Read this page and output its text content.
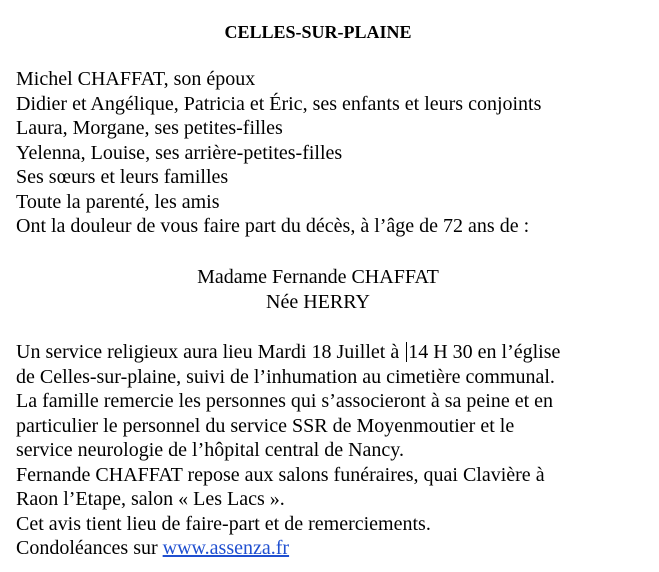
CELLES-SUR-PLAINE
Michel CHAFFAT, son époux
Didier et Angélique, Patricia et Éric, ses enfants et leurs conjoints
Laura, Morgane, ses petites-filles
Yelenna, Louise, ses arrière-petites-filles
Ses sœurs et leurs familles
Toute la parenté, les amis
Ont la douleur de vous faire part du décès, à l’âge de 72 ans de :
Madame Fernande CHAFFAT
Née HERRY
Un service religieux aura lieu Mardi 18 Juillet à 14 H 30 en l’église
de Celles-sur-plaine, suivi de l’inhumation au cimetière communal.
La famille remercie les personnes qui s’associeront à sa peine et en
particulier le personnel du service SSR de Moyenmoutier et le
service neurologie de l’hôpital central de Nancy.
Fernande CHAFFAT repose aux salons funéraires, quai Clavière à
Raon l’Etape, salon « Les Lacs ».
Cet avis tient lieu de faire-part et de remerciements.
Condoléances sur www.assenza.fr
